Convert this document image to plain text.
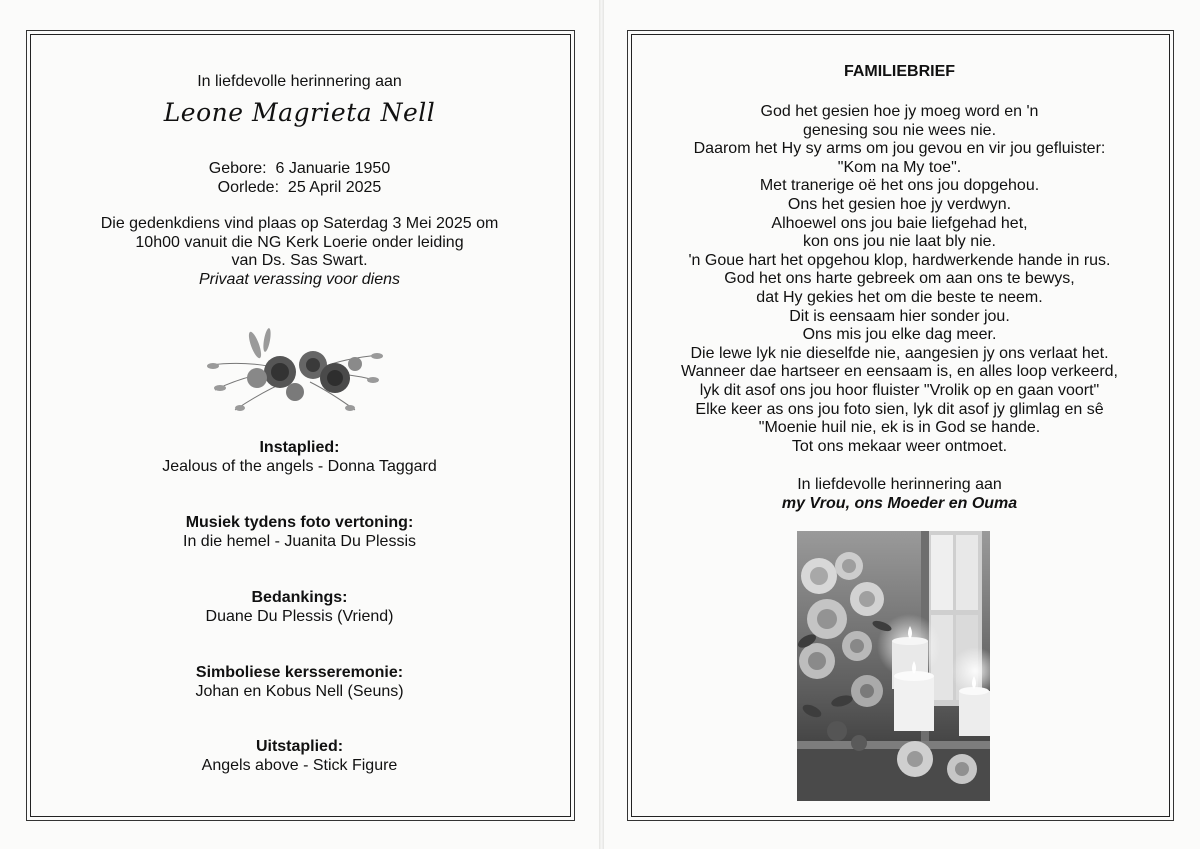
In liefdevolle herinnering aan
Leone Magrieta Nell
Gebore: 6 Januarie 1950
Oorlede: 25 April 2025
Die gedenkdiens vind plaas op Saterdag 3 Mei 2025 om
10h00 vanuit die NG Kerk Loerie onder leiding
van Ds. Sas Swart.
Privaat verassing voor diens
Instaplied:
Jealous of the angels - Donna Taggard
Musiek tydens foto vertoning:
In die hemel - Juanita Du Plessis
Bedankings:
Duane Du Plessis (Vriend)
Simboliese kersseremonie:
Johan en Kobus Nell (Seuns)
Uitstaplied:
Angels above - Stick Figure
FAMILIEBRIEF
God het gesien hoe jy moeg word en 'n
genesing sou nie wees nie.
Daarom het Hy sy arms om jou gevou en vir jou gefluister:
"Kom na My toe".
Met tranerige oë het ons jou dopgehou.
Ons het gesien hoe jy verdwyn.
Alhoewel ons jou baie liefgehad het,
kon ons jou nie laat bly nie.
'n Goue hart het opgehou klop, hardwerkende hande in rus.
God het ons harte gebreek om aan ons te bewys,
dat Hy gekies het om die beste te neem.
Dit is eensaam hier sonder jou.
Ons mis jou elke dag meer.
Die lewe lyk nie dieselfde nie, aangesien jy ons verlaat het.
Wanneer dae hartseer en eensaam is, en alles loop verkeerd,
lyk dit asof ons jou hoor fluister "Vrolik op en gaan voort"
Elke keer as ons jou foto sien, lyk dit asof jy glimlag en sê
"Moenie huil nie, ek is in God se hande.
Tot ons mekaar weer ontmoet.
In liefdevolle herinnering aan
my Vrou, ons Moeder en Ouma
